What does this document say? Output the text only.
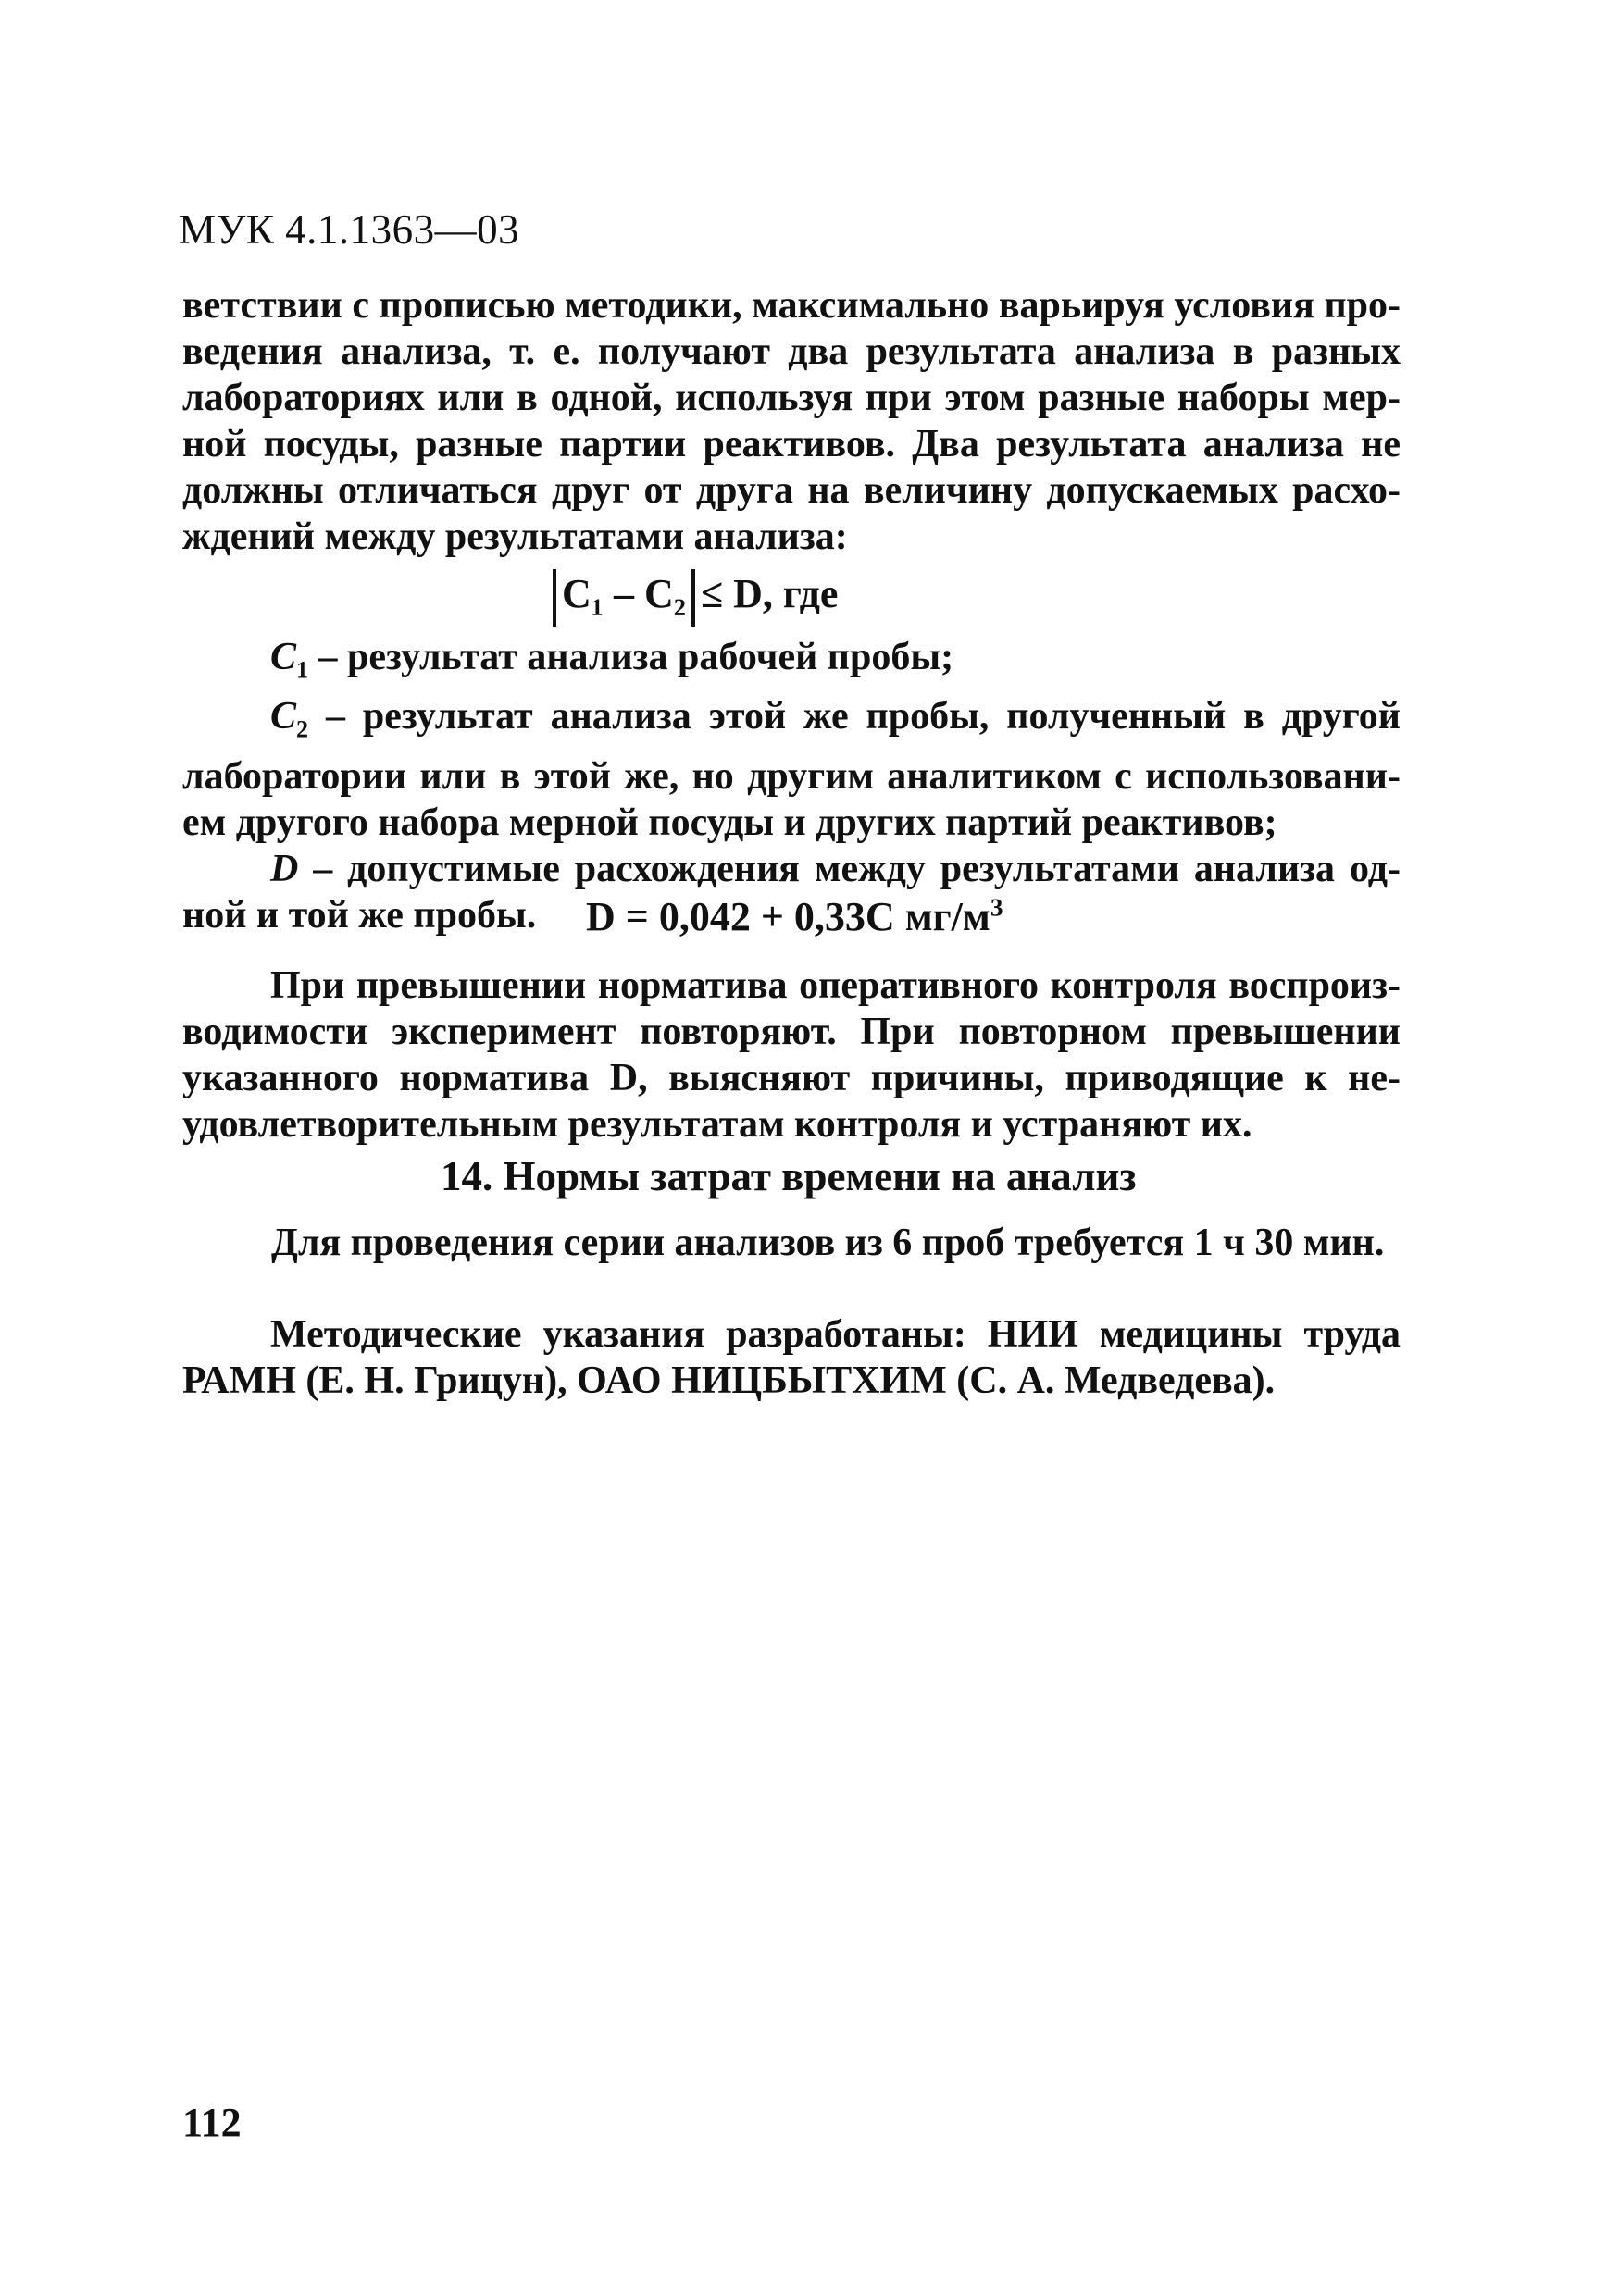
МУК 4.1.1363—03
ветствии с прописью методики, максимально варьируя условия про-
ведения анализа, т. е. получают два результата анализа в разных
лабораториях или в одной, используя при этом разные наборы мер-
ной посуды, разные партии реактивов. Два результата анализа не
должны отличаться друг от друга на величину допускаемых расхо-
ждений между результатами анализа:
C₁ – C₂ ≤ D, где
$C_1$ – результат анализа рабочей пробы;
$C_2$ – результат анализа этой же пробы, полученный в другой
лаборатории или в этой же, но другим аналитиком с использовани-
ем другого набора мерной посуды и других партий реактивов;
D – допустимые расхождения между результатами анализа од-
ной и той же пробы.	D = 0,042 + 0,33С $мг/м^3$
При превышении норматива оперативного контроля воспроиз-
водимости эксперимент повторяют. При повторном превышении
указанного норматива D, выясняют причины, приводящие к не-
удовлетворительным результатам контроля и устраняют их.
14. Нормы затрат времени на анализ
Для проведения серии анализов из 6 проб требуется 1 ч 30 мин.
Методические указания разработаны: НИИ медицины труда
РАМН (Е. Н. Грицун), ОАО НИЦБЫТХИМ (С. А. Медведева).
112
